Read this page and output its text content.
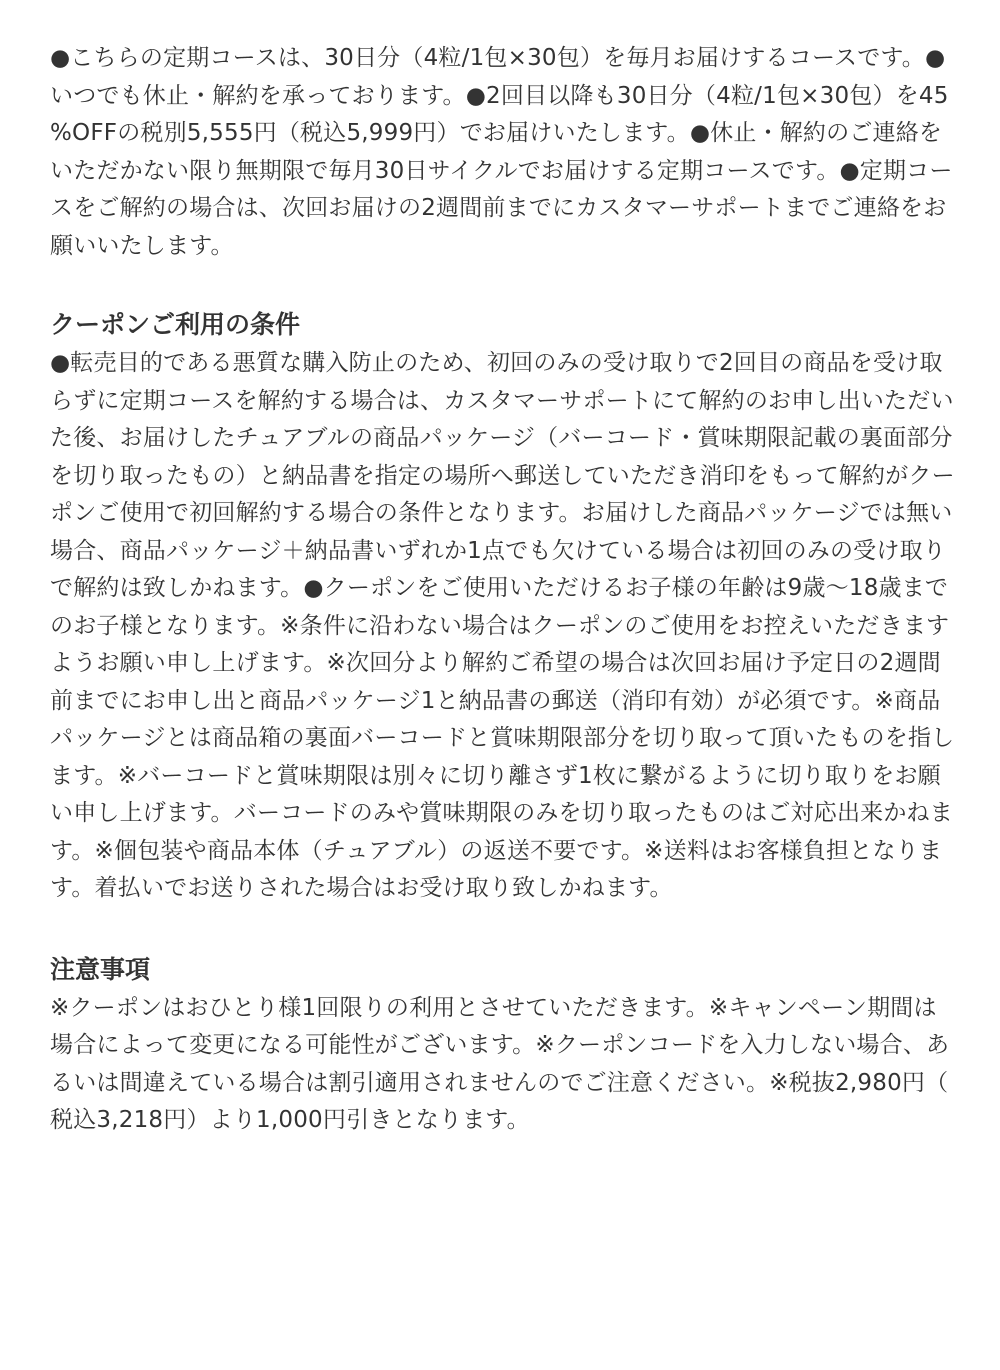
●こちらの定期コースは、30日分（4粒/1包×30包）を毎月お届けするコースです。●いつでも休止・解約を承っております。●2回目以降も30日分（4粒/1包×30包）を45%OFFの税別5,555円（税込5,999円）でお届けいたします。●休止・解約のご連絡をいただかない限り無期限で毎月30日サイクルでお届けする定期コースです。●定期コースをご解約の場合は、次回お届けの2週間前までにカスタマーサポートまでご連絡をお願いいたします。

クーポンご利用の条件

●転売目的である悪質な購入防止のため、初回のみの受け取りで2回目の商品を受け取らずに定期コースを解約する場合は、カスタマーサポートにて解約のお申し出いただいた後、お届けしたチュアブルの商品パッケージ（バーコード・賞味期限記載の裏面部分を切り取ったもの）と納品書を指定の場所へ郵送していただき消印をもって解約がクーポンご使用で初回解約する場合の条件となります。お届けした商品パッケージでは無い場合、商品パッケージ＋納品書いずれか1点でも欠けている場合は初回のみの受け取りで解約は致しかねます。●クーポンをご使用いただけるお子様の年齢は9歳〜18歳までのお子様となります。※条件に沿わない場合はクーポンのご使用をお控えいただきますようお願い申し上げます。※次回分より解約ご希望の場合は次回お届け予定日の2週間前までにお申し出と商品パッケージ1と納品書の郵送（消印有効）が必須です。※商品パッケージとは商品箱の裏面バーコードと賞味期限部分を切り取って頂いたものを指します。※バーコードと賞味期限は別々に切り離さず1枚に繋がるように切り取りをお願い申し上げます。バーコードのみや賞味期限のみを切り取ったものはご対応出来かねます。※個包装や商品本体（チュアブル）の返送不要です。※送料はお客様負担となります。着払いでお送りされた場合はお受け取り致しかねます。

注意事項

※クーポンはおひとり様1回限りの利用とさせていただきます。※キャンペーン期間は場合によって変更になる可能性がございます。※クーポンコードを入力しない場合、あるいは間違えている場合は割引適用されませんのでご注意ください。※税抜2,980円（税込3,218円）より1,000円引きとなります。
